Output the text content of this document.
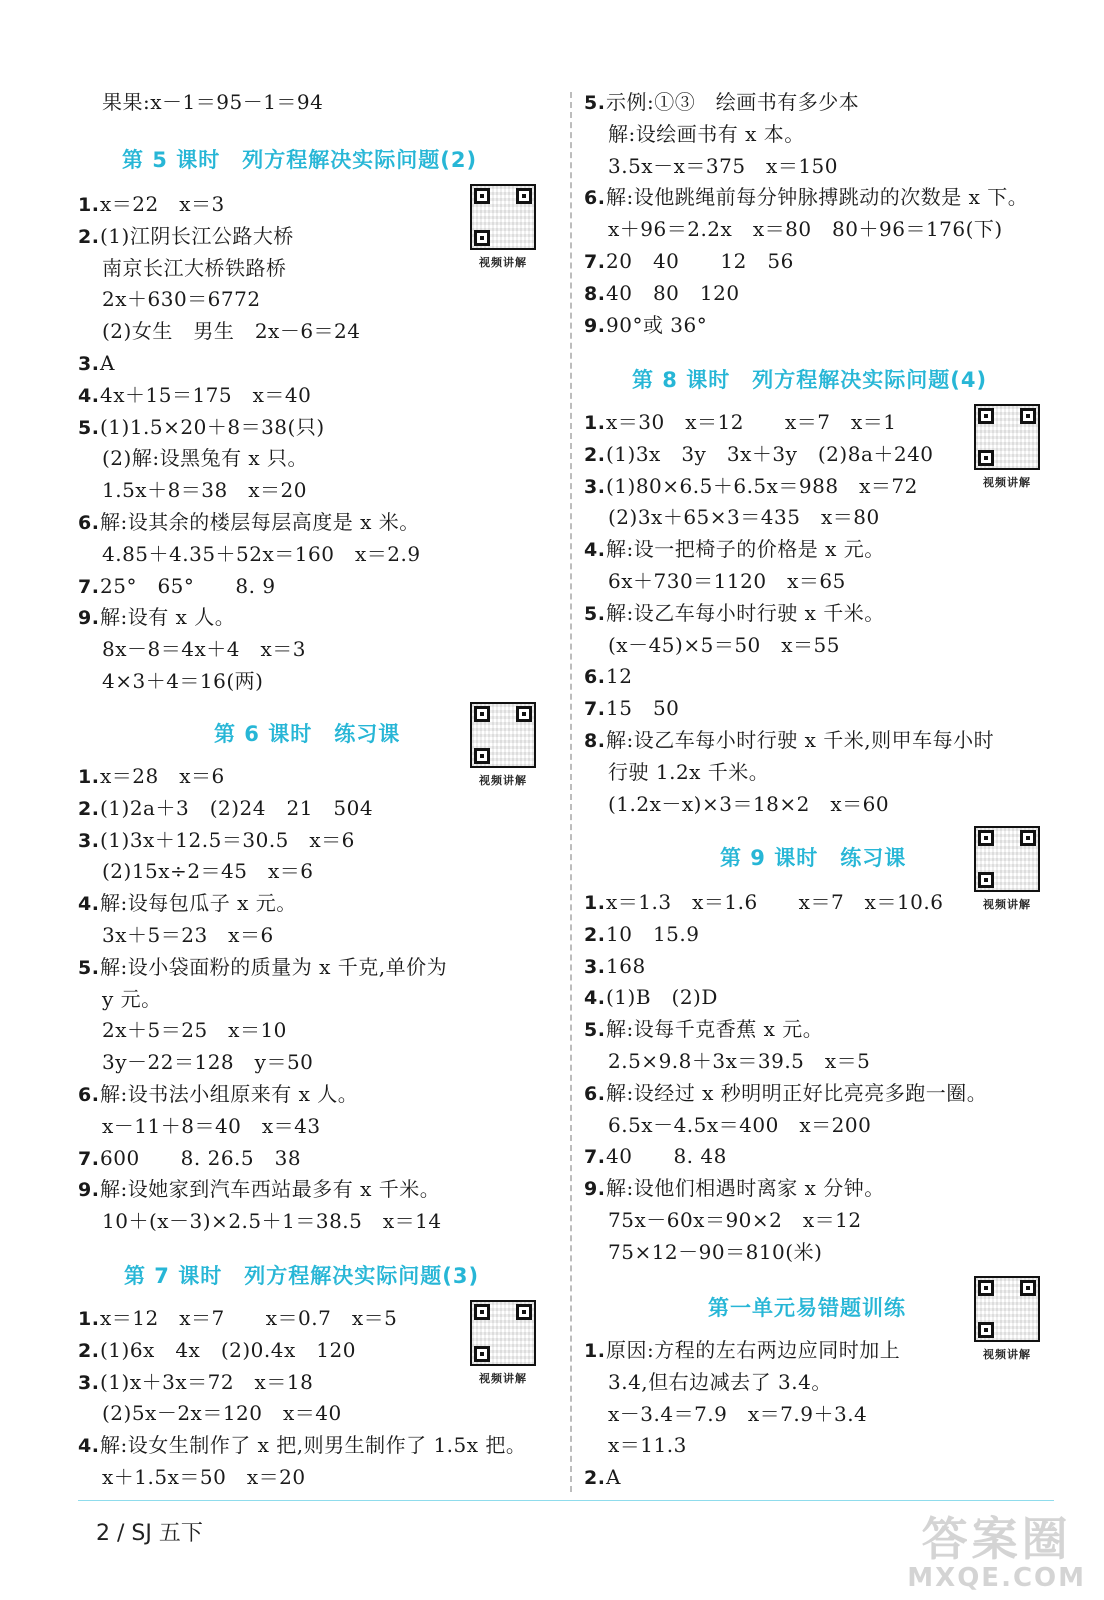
果果:x－1＝95－1＝94
第 5 课时　列方程解决实际问题(2)
1.x＝22　x＝3
2.(1)江阴长江公路大桥
南京长江大桥铁路桥
2x＋630＝6772
(2)女生　男生　2x－6＝24
3.A
4.4x＋15＝175　x＝40
5.(1)1.5×20＋8＝38(只)
(2)解:设黑兔有 x 只。
1.5x＋8＝38　x＝20
6.解:设其余的楼层每层高度是 x 米。
4.85＋4.35＋52x＝160　x＝2.9
7.25°　65°　　8. 9
9.解:设有 x 人。
8x－8＝4x＋4　x＝3
4×3＋4＝16(两)
第 6 课时　练习课
1.x＝28　x＝6
2.(1)2a＋3　(2)24　21　504
3.(1)3x＋12.5＝30.5　x＝6
(2)15x÷2＝45　x＝6
4.解:设每包瓜子 x 元。
3x＋5＝23　x＝6
5.解:设小袋面粉的质量为 x 千克,单价为
y 元。
2x＋5＝25　x＝10
3y－22＝128　y＝50
6.解:设书法小组原来有 x 人。
x－11＋8＝40　x＝43
7.600　　8. 26.5　38
9.解:设她家到汽车西站最多有 x 千米。
10＋(x－3)×2.5＋1＝38.5　x＝14
第 7 课时　列方程解决实际问题(3)
1.x＝12　x＝7　　x＝0.7　x＝5
2.(1)6x　4x　(2)0.4x　120
3.(1)x＋3x＝72　x＝18
(2)5x－2x＝120　x＝40
4.解:设女生制作了 x 把,则男生制作了 1.5x 把。
x＋1.5x＝50　x＝20
5.示例:①③　绘画书有多少本
解:设绘画书有 x 本。
3.5x－x＝375　x＝150
6.解:设他跳绳前每分钟脉搏跳动的次数是 x 下。
x＋96＝2.2x　x＝80　80＋96＝176(下)
7.20　40　　12　56
8.40　80　120
9.90°或 36°
第 8 课时　列方程解决实际问题(4)
1.x＝30　x＝12　　x＝7　x＝1
2.(1)3x　3y　3x＋3y　(2)8a＋240
3.(1)80×6.5＋6.5x＝988　x＝72
(2)3x＋65×3＝435　x＝80
4.解:设一把椅子的价格是 x 元。
6x＋730＝1120　x＝65
5.解:设乙车每小时行驶 x 千米。
(x－45)×5＝50　x＝55
6.12
7.15　50
8.解:设乙车每小时行驶 x 千米,则甲车每小时
行驶 1.2x 千米。
(1.2x－x)×3＝18×2　x＝60
第 9 课时　练习课
1.x＝1.3　x＝1.6　　x＝7　x＝10.6
2.10　15.9
3.168
4.(1)B　(2)D
5.解:设每千克香蕉 x 元。
2.5×9.8＋3x＝39.5　x＝5
6.解:设经过 x 秒明明正好比亮亮多跑一圈。
6.5x－4.5x＝400　x＝200
7.40　　8. 48
9.解:设他们相遇时离家 x 分钟。
75x－60x＝90×2　x＝12
75×12－90＝810(米)
第一单元易错题训练
1.原因:方程的左右两边应同时加上
3.4,但右边减去了 3.4。
x－3.4＝7.9　x＝7.9＋3.4
x＝11.3
2.A
视频讲解
视频讲解
视频讲解
视频讲解
视频讲解
视频讲解
2 / SJ 五下	答案圈
MXQE.COM
